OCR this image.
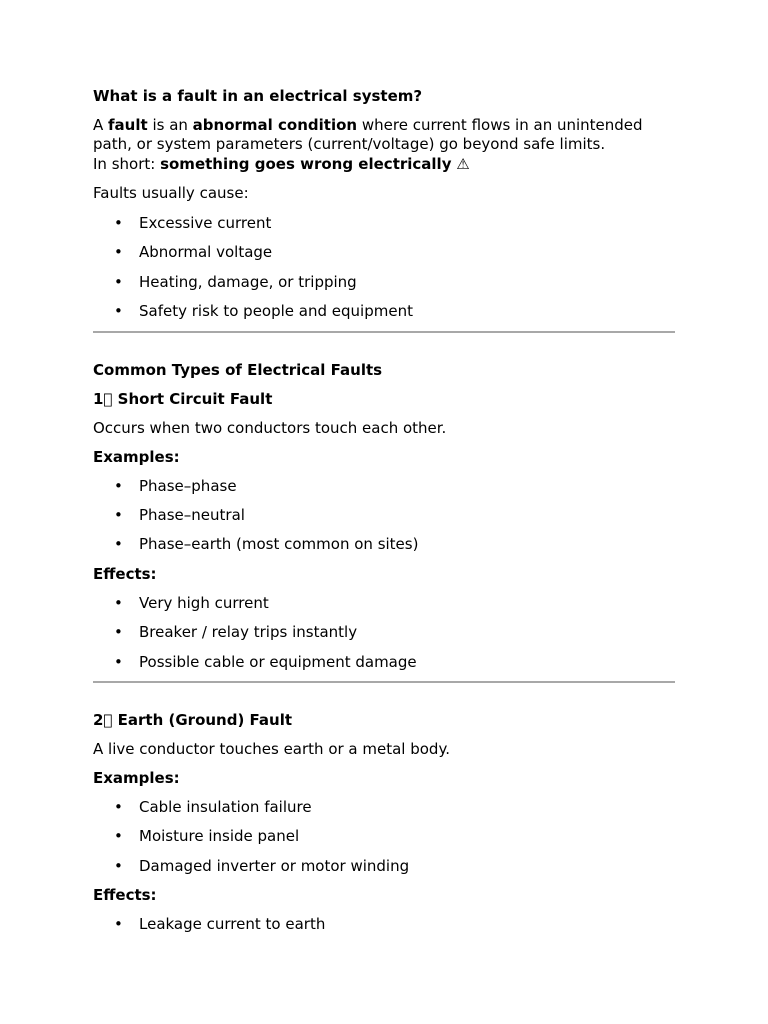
What is a fault in an electrical system?
A fault is an abnormal condition where current flows in an unintended path, or system parameters (current/voltage) go beyond safe limits.
In short: something goes wrong electrically ⚠
Faults usually cause:
• Excessive current
• Abnormal voltage
• Heating, damage, or tripping
• Safety risk to people and equipment
Common Types of Electrical Faults
1⃣ Short Circuit Fault
Occurs when two conductors touch each other.
Examples:
• Phase–phase
• Phase–neutral
• Phase–earth (most common on sites)
Effects:
• Very high current
• Breaker / relay trips instantly
• Possible cable or equipment damage
2⃣ Earth (Ground) Fault
A live conductor touches earth or a metal body.
Examples:
• Cable insulation failure
• Moisture inside panel
• Damaged inverter or motor winding
Effects:
• Leakage current to earth
